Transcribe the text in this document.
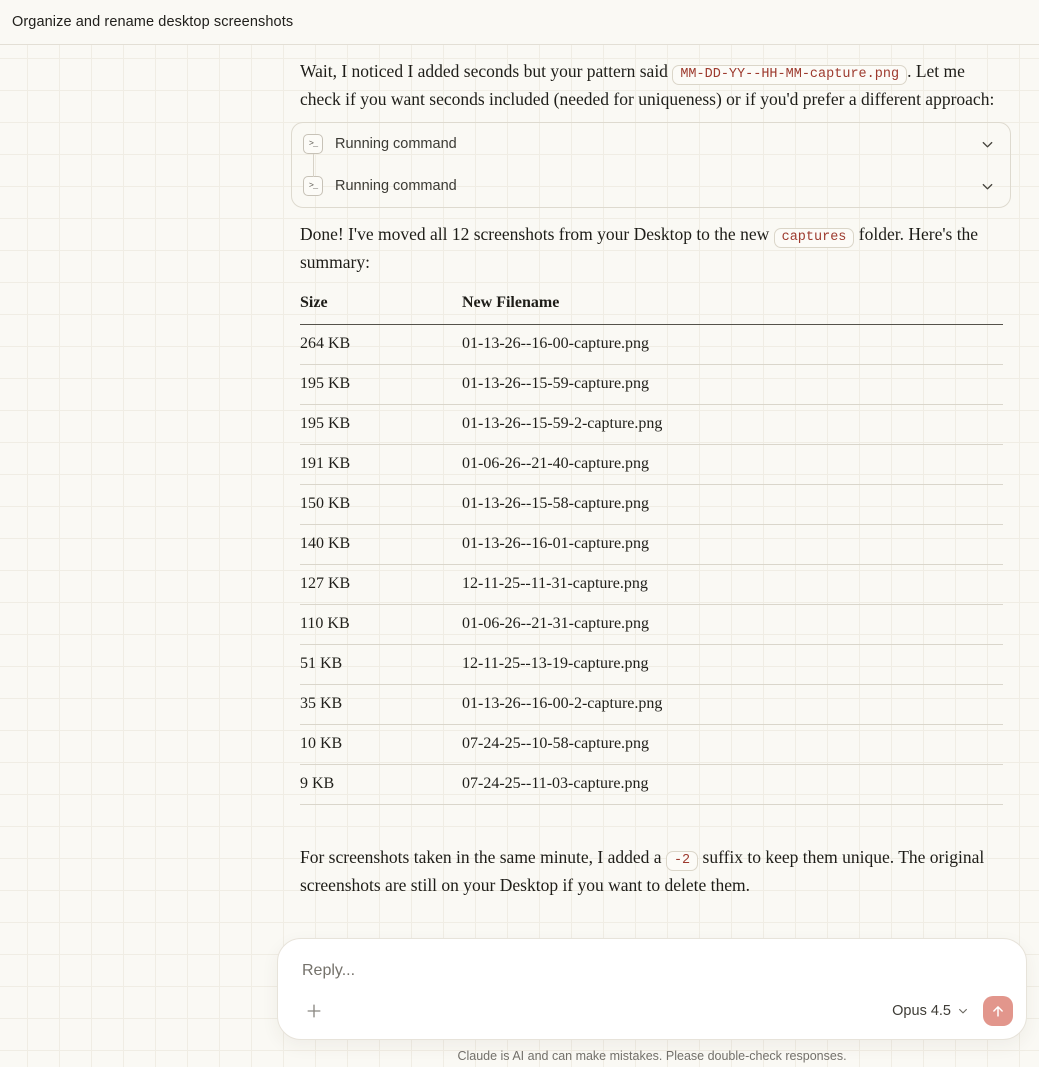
Organize and rename desktop screenshots

Wait, I noticed I added seconds but your pattern said MM-DD-YY--HH-MM-capture.png . Let me check if you want seconds included (needed for uniqueness) or if you'd prefer a different approach:

>_ Running command
>_ Running command

Done! I've moved all 12 screenshots from your Desktop to the new captures folder. Here's the summary:

Size	New Filename
264 KB	01-13-26--16-00-capture.png
195 KB	01-13-26--15-59-capture.png
195 KB	01-13-26--15-59-2-capture.png
191 KB	01-06-26--21-40-capture.png
150 KB	01-13-26--15-58-capture.png
140 KB	01-13-26--16-01-capture.png
127 KB	12-11-25--11-31-capture.png
110 KB	01-06-26--21-31-capture.png
51 KB	12-11-25--13-19-capture.png
35 KB	01-13-26--16-00-2-capture.png
10 KB	07-24-25--10-58-capture.png
9 KB	07-24-25--11-03-capture.png

For screenshots taken in the same minute, I added a -2 suffix to keep them unique. The original screenshots are still on your Desktop if you want to delete them.

Reply...
Opus 4.5
Claude is AI and can make mistakes. Please double-check responses.
